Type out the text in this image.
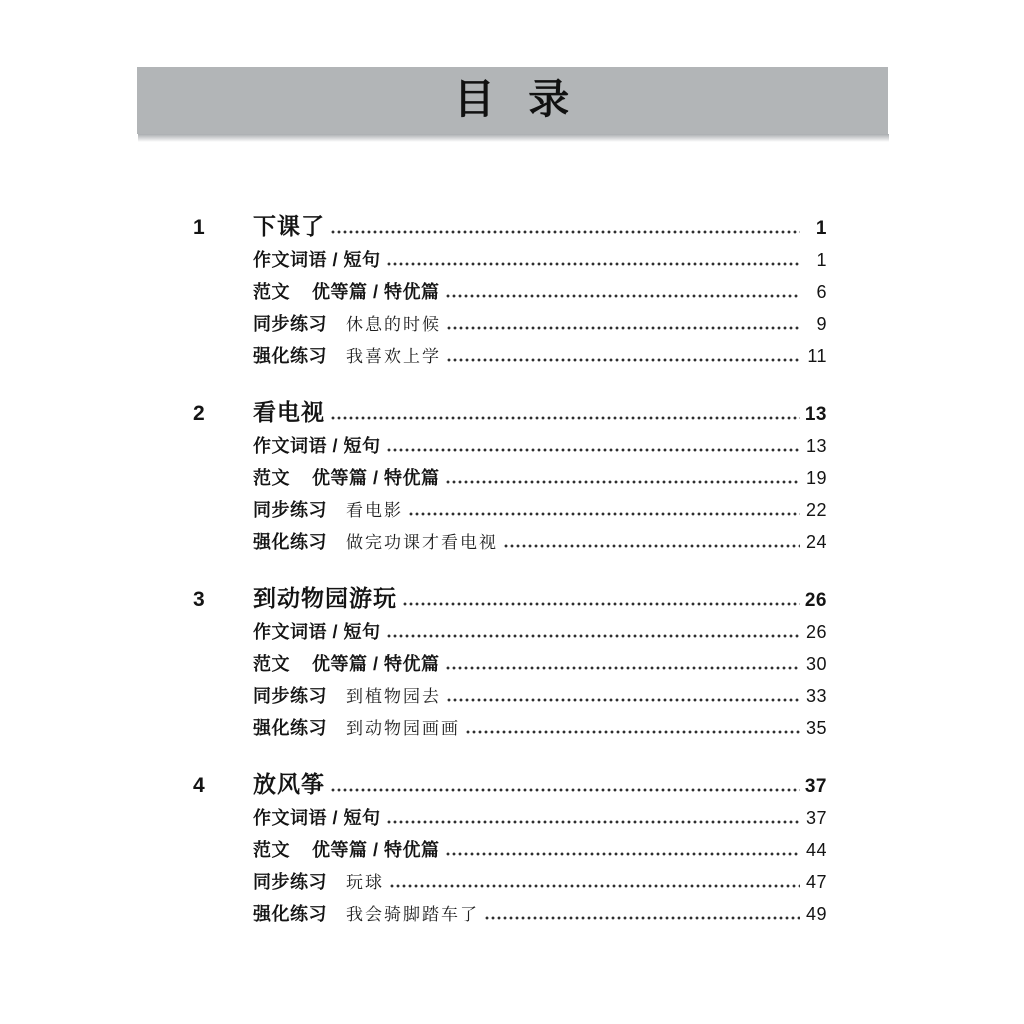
目 录
1	下课了	1
作文词语 / 短句	1
范文 优等篇 / 特优篇	6
同步练习 休息的时候	9
强化练习 我喜欢上学	11
2	看电视	13
作文词语 / 短句	13
范文 优等篇 / 特优篇	19
同步练习 看电影	22
强化练习 做完功课才看电视	24
3	到动物园游玩	26
作文词语 / 短句	26
范文 优等篇 / 特优篇	30
同步练习 到植物园去	33
强化练习 到动物园画画	35
4	放风筝	37
作文词语 / 短句	37
范文 优等篇 / 特优篇	44
同步练习 玩球	47
强化练习 我会骑脚踏车了	49
